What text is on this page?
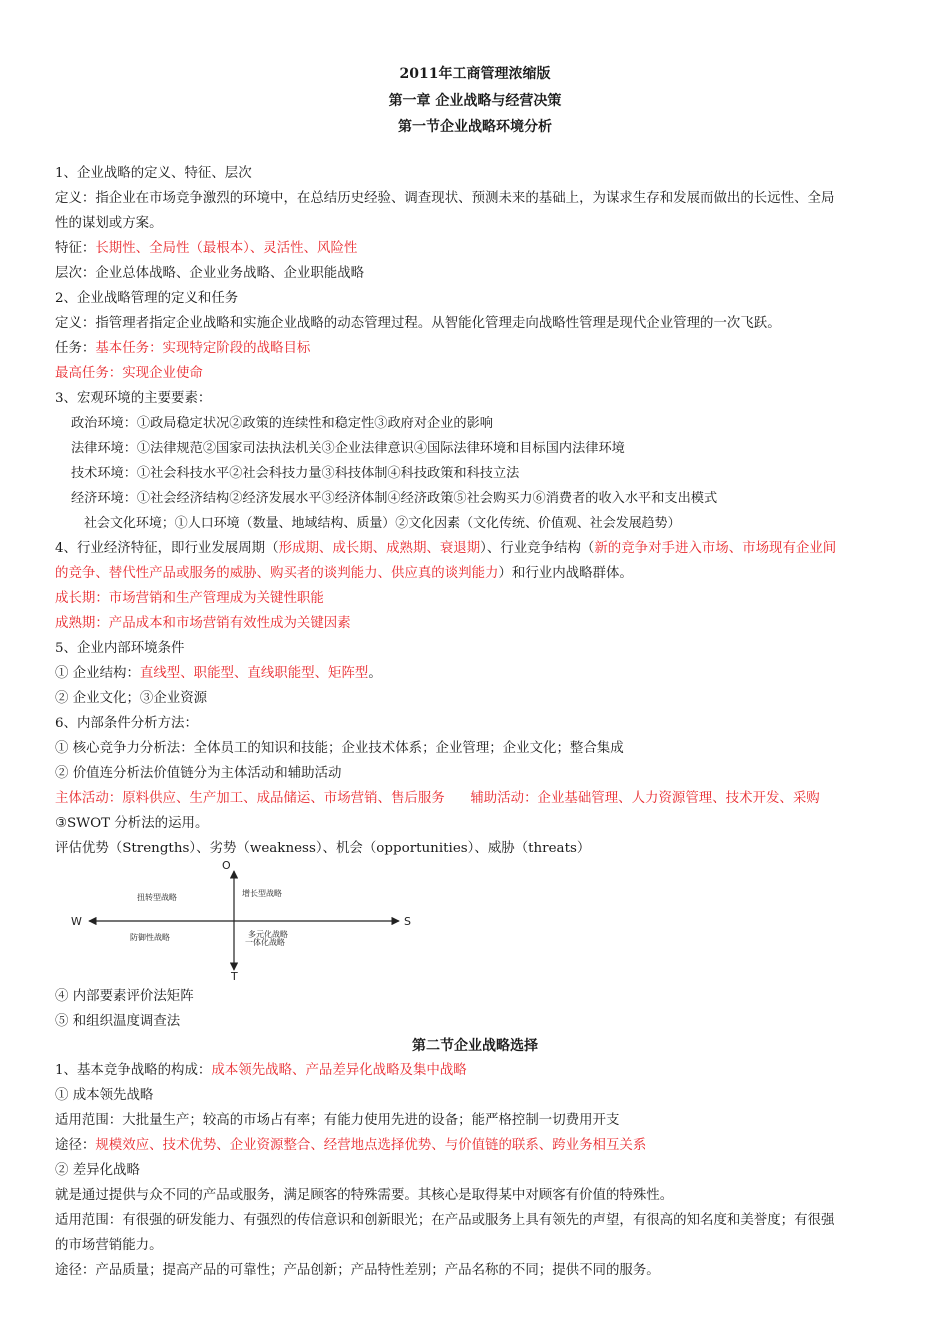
2011年工商管理浓缩版
第一章 企业战略与经营决策
第一节企业战略环境分析
1、企业战略的定义、特征、层次
定义：指企业在市场竞争激烈的环境中，在总结历史经验、调查现状、预测未来的基础上，为谋求生存和发展而做出的长远性、全局
性的谋划或方案。
特征：长期性、全局性（最根本）、灵活性、风险性
层次：企业总体战略、企业业务战略、企业职能战略
2、企业战略管理的定义和任务
定义：指管理者指定企业战略和实施企业战略的动态管理过程。从智能化管理走向战略性管理是现代企业管理的一次飞跃。
任务：基本任务：实现特定阶段的战略目标
最高任务：实现企业使命
3、宏观环境的主要要素：
政治环境：①政局稳定状况②政策的连续性和稳定性③政府对企业的影响
法律环境：①法律规范②国家司法执法机关③企业法律意识④国际法律环境和目标国内法律环境
技术环境：①社会科技水平②社会科技力量③科技体制④科技政策和科技立法
经济环境：①社会经济结构②经济发展水平③经济体制④经济政策⑤社会购买力⑥消费者的收入水平和支出模式
社会文化环境；①人口环境（数量、地域结构、质量）②文化因素（文化传统、价值观、社会发展趋势）
4、行业经济特征，即行业发展周期（形成期、成长期、成熟期、衰退期）、行业竞争结构（新的竞争对手进入市场、市场现有企业间
的竞争、替代性产品或服务的威胁、购买者的谈判能力、供应真的谈判能力）和行业内战略群体。
成长期：市场营销和生产管理成为关键性职能
成熟期：产品成本和市场营销有效性成为关键因素
5、企业内部环境条件
① 企业结构：直线型、职能型、直线职能型、矩阵型。
② 企业文化；③企业资源
6、内部条件分析方法：
① 核心竞争力分析法：全体员工的知识和技能；企业技术体系；企业管理；企业文化；整合集成
② 价值连分析法价值链分为主体活动和辅助活动
主体活动：原料供应、生产加工、成品储运、市场营销、售后服务      辅助活动：企业基础管理、人力资源管理、技术开发、采购
③SWOT 分析法的运用。
评估优势（Strengths）、劣势（weakness）、机会（opportunities）、威胁（threats）
O
T
W	S
扭转型战略	增长型战略
防御性战略	多元化战略
一体化战略
④ 内部要素评价法矩阵
⑤ 和组织温度调查法
第二节企业战略选择
1、基本竞争战略的构成：成本领先战略、产品差异化战略及集中战略
① 成本领先战略
适用范围：大批量生产；较高的市场占有率；有能力使用先进的设备；能严格控制一切费用开支
途径：规模效应、技术优势、企业资源整合、经营地点选择优势、与价值链的联系、跨业务相互关系
② 差异化战略
就是通过提供与众不同的产品或服务，满足顾客的特殊需要。其核心是取得某中对顾客有价值的特殊性。
适用范围：有很强的研发能力、有强烈的传信意识和创新眼光；在产品或服务上具有领先的声望，有很高的知名度和美誉度；有很强
的市场营销能力。
途径：产品质量；提高产品的可靠性；产品创新；产品特性差别；产品名称的不同；提供不同的服务。
